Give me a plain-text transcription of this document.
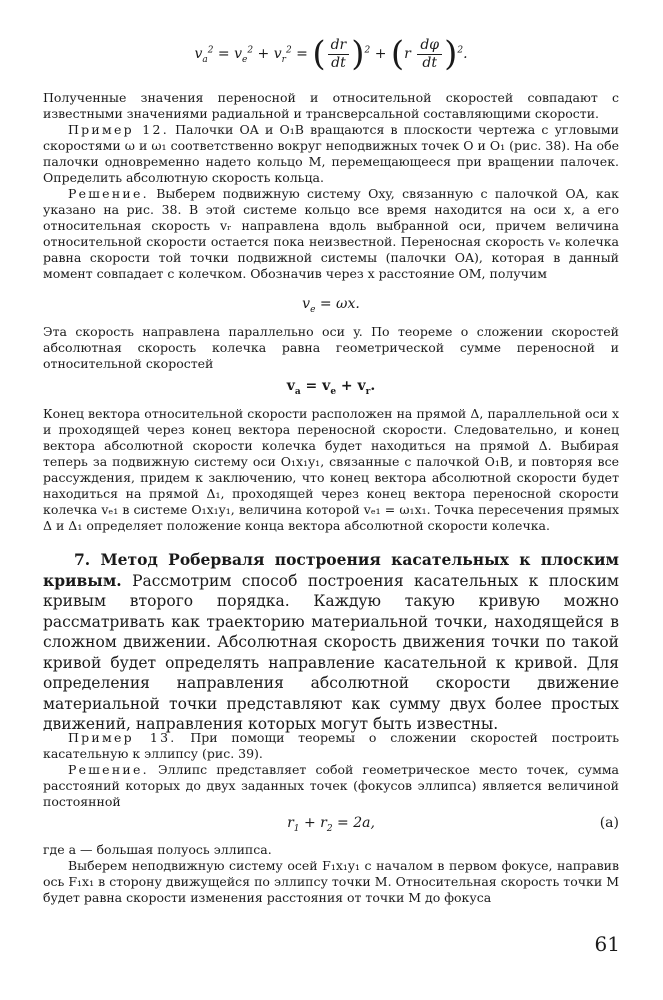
$v_a^2 = v_e^2 + v_r^2$ = ( $\frac{dr}{dt} )^2 + (r \frac{d\varphi}{dt} )^2$.

Полученные значения переносной и относительной скоростей совпадают с известными значениями радиальной и трансверсальной составляющими скорости.

Пример 12. Палочки OA и O₁B вращаются в плоскости чертежа с угловыми скоростями ω и ω₁ соответственно вокруг неподвижных точек O и O₁ (рис. 38). На обе палочки одновременно надето кольцо M, перемещающееся при вращении палочек. Определить абсолютную скорость кольца.

Решение. Выберем подвижную систему Oxy, связанную с палочкой OA, как указано на рис. 38. В этой системе кольцо все время находится на оси x, а его относительная скорость vᵣ направлена вдоль выбранной оси, причем величина относительной скорости остается пока неизвестной. Переносная скорость vₑ колечка равна скорости той точки подвижной системы (палочки OA), которая в данный момент совпадает с колечком. Обозначив через x расстояние OM, получим

$v_e = \omega x$.

Эта скорость направлена параллельно оси y. По теореме о сложении скоростей абсолютная скорость колечка равна геометрической сумме переносной и относительной скоростей

$v_a = v_e + v_r$.

Конец вектора относительной скорости расположен на прямой Δ, параллельной оси x и проходящей через конец вектора переносной скорости. Следовательно, и конец вектора абсолютной скорости колечка будет находиться на прямой Δ. Выбирая теперь за подвижную систему оси O₁x₁y₁, связанные с палочкой O₁B, и повторяя все рассуждения, придем к заключению, что конец вектора абсолютной скорости будет находиться на прямой Δ₁, проходящей через конец вектора переносной скорости колечка vₑ₁ в системе O₁x₁y₁, величина которой vₑ₁ = ω₁x₁. Точка пересечения прямых Δ и Δ₁ определяет положение конца вектора абсолютной скорости колечка.

7. Метод Роберваля построения касательных к плоским кривым. Рассмотрим способ построения касательных к плоским кривым второго порядка. Каждую такую кривую можно рассматривать как траекторию материальной точки, находящейся в сложном движении. Абсолютная скорость движения точки по такой кривой будет определять направление касательной к кривой. Для определения направления абсолютной скорости движение материальной точки представляют как сумму двух более простых движений, направления которых могут быть известны.

Пример 13. При помощи теоремы о сложении скоростей построить касательную к эллипсу (рис. 39).

Решение. Эллипс представляет собой геометрическое место точек, сумма расстояний которых до двух заданных точек (фокусов эллипса) является величиной постоянной

$r_1 + r_2 = 2a$,	(a)

где a — большая полуось эллипса.

Выберем неподвижную систему осей F₁x₁y₁ с началом в первом фокусе, направив ось F₁x₁ в сторону движущейся по эллипсу точки M. Относительная скорость точки M будет равна скорости изменения расстояния от точки M до фокуса

61
